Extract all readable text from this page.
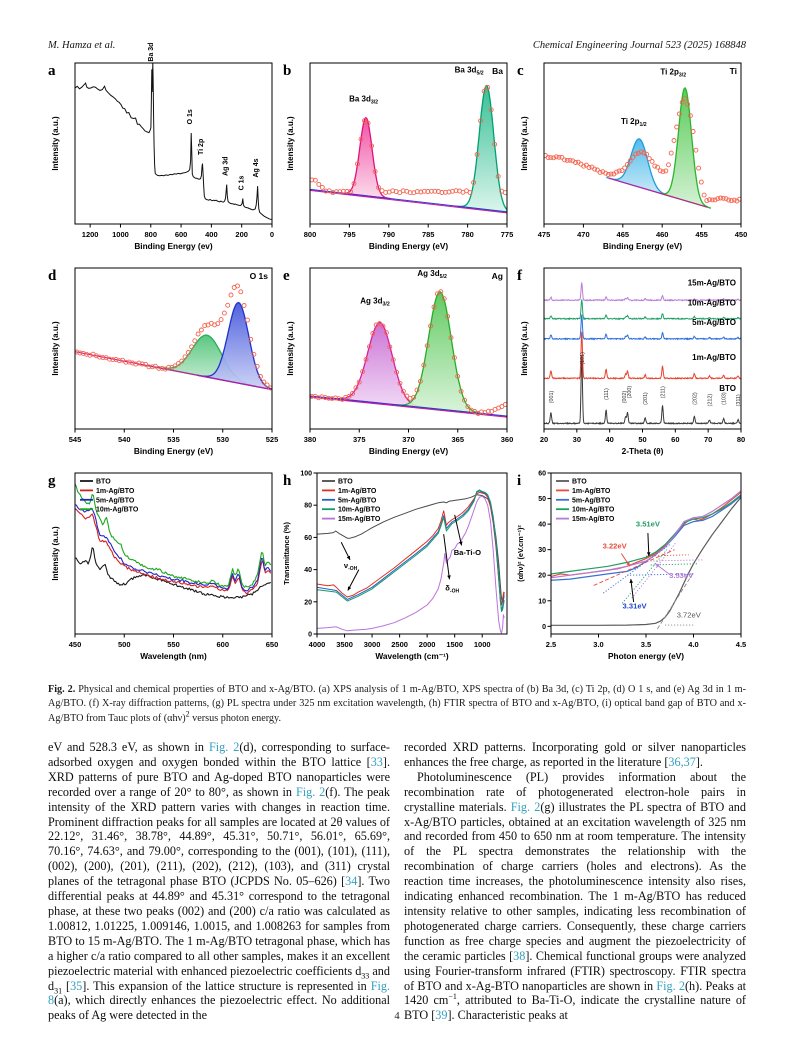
M. Hamza et al.	Chemical Engineering Journal 523 (2025) 168848
1200 1000 800 600 400 200	0
Binding Energy (ev)
Intensity (a.u.)
a
Ba 3d
O 1s
Ti 2p
Ag 3d
C 1s
Ag 4s
800	795	790	785	780	775
Binding Energy (eV)
Intensity (a.u.)
b
Ba $3d_{3/2}$
Ba $3d_{5/2}$ Ba
475	470	465	460	455	450
Binding Energy (eV)
Intensity (a.u.)
c
Ti $2p_{1/2}$
Ti $2p_{3/2}$	Ti
545	540	535	530	525
Binding Energy (eV)
Intensity (a.u.)
d	O 1s
380	375	370	365	360
Binding Energy (eV)
Intensity (a.u.)
e
Ag $3d_{3/2}$
Ag $3d_{5/2}$	Ag
20	30	40	50	60	70	80
2-Theta (θ)
Intensity (a.u.)
f
BTO
1m-Ag/BTO
5m-Ag/BTO
10m-Ag/BTO
15m-Ag/BTO
(001)
(101)
(111) (002) (200)
(201) (211)	(202) (212) (103) (311)
450	500	550	600	650
Wavelength (nm)
Intensity (a.u.)
g	BTO
1m-Ag/BTO
5m-Ag/BTO
10m-Ag/BTO
4000 3500 3000 2500 2000 1500 1000
0
20
40
60
80
100
Wavelength (cm⁻¹)
Transmittance (%)
h
$\nu_{-OH}$
$\delta_{-OH}$
Ba-Ti-O
BTO
1m-Ag/BTO
5m-Ag/BTO
10m-Ag/BTO
15m-Ag/BTO
2.5	3.0	3.5	4.0	4.5
0
10
20
30
40
50
60
Photon energy (eV)
(αhν)² (eV.cm⁻¹)²
i
3.22eV
3.51eV
3.53eV
3.31eV
3.72eV
BTO
1m-Ag/BTO
5m-Ag/BTO
10m-Ag/BTO
15m-Ag/BTO

Fig. 2. Physical and chemical properties of BTO and x-Ag/BTO. (a) XPS analysis of 1 m-Ag/BTO, XPS spectra of (b) Ba 3d, (c) Ti 2p, (d) O 1 s, and (e) Ag 3d in 1 m-Ag/BTO. (f) X-ray diffraction patterns, (g) PL spectra under 325 nm excitation wavelength, (h) FTIR spectra of BTO and x-Ag/BTO, (i) optical band gap of BTO and x-Ag/BTO from Tauc plots of $(\alpha h\nu)^2$ versus photon energy.

eV and 528.3 eV, as shown in Fig. 2(d), corresponding to surface-adsorbed oxygen and oxygen bonded within the BTO lattice [33]. XRD patterns of pure BTO and Ag-doped BTO nanoparticles were recorded over a range of 20° to 80°, as shown in Fig. 2(f). The peak intensity of the XRD pattern varies with changes in reaction time. Prominent diffraction peaks for all samples are located at 2θ values of 22.12°, 31.46°, 38.78°, 44.89°, 45.31°, 50.71°, 56.01°, 65.69°, 70.16°, 74.63°, and 79.00°, corresponding to the (001), (101), (111), (002), (200), (201), (211), (202), (212), (103), and (311) crystal planes of the tetragonal phase BTO (JCPDS No. 05–626) [34]. Two differential peaks at 44.89° and 45.31° correspond to the tetragonal phase, at these two peaks (002) and (200) c/a ratio was calculated as 1.00812, 1.01225, 1.009146, 1.0015, and 1.008263 for samples from BTO to 15 m-Ag/BTO. The 1 m-Ag/BTO tetragonal phase, which has a higher c/a ratio compared to all other samples, makes it an excellent piezoelectric material with enhanced piezoelectric coefficients $d_{33}$ and $d_{31}$ [35]. This expansion of the lattice structure is represented in Fig. 8(a), which directly enhances the piezoelectric effect. No additional peaks of Ag were detected in the

recorded XRD patterns. Incorporating gold or silver nanoparticles enhances the free charge, as reported in the literature [36,37].

Photoluminescence (PL) provides information about the recombination rate of photogenerated electron-hole pairs in crystalline materials. Fig. 2(g) illustrates the PL spectra of BTO and x-Ag/BTO particles, obtained at an excitation wavelength of 325 nm and recorded from 450 to 650 nm at room temperature. The intensity of the PL spectra demonstrates the relationship with the recombination of charge carriers (holes and electrons). As the reaction time increases, the photoluminescence intensity also rises, indicating enhanced recombination. The 1 m-Ag/BTO has reduced intensity relative to other samples, indicating less recombination of photogenerated charge carriers. Consequently, these charge carriers function as free charge species and augment the piezoelectricity of the ceramic particles [38]. Chemical functional groups were analyzed using Fourier-transform infrared (FTIR) spectroscopy. FTIR spectra of BTO and x-Ag-BTO nanoparticles are shown in Fig. 2(h). Peaks at 1420 $cm^{-1}$, attributed to Ba-Ti-O, indicate the crystalline nature of BTO [39]. Characteristic peaks at

4
